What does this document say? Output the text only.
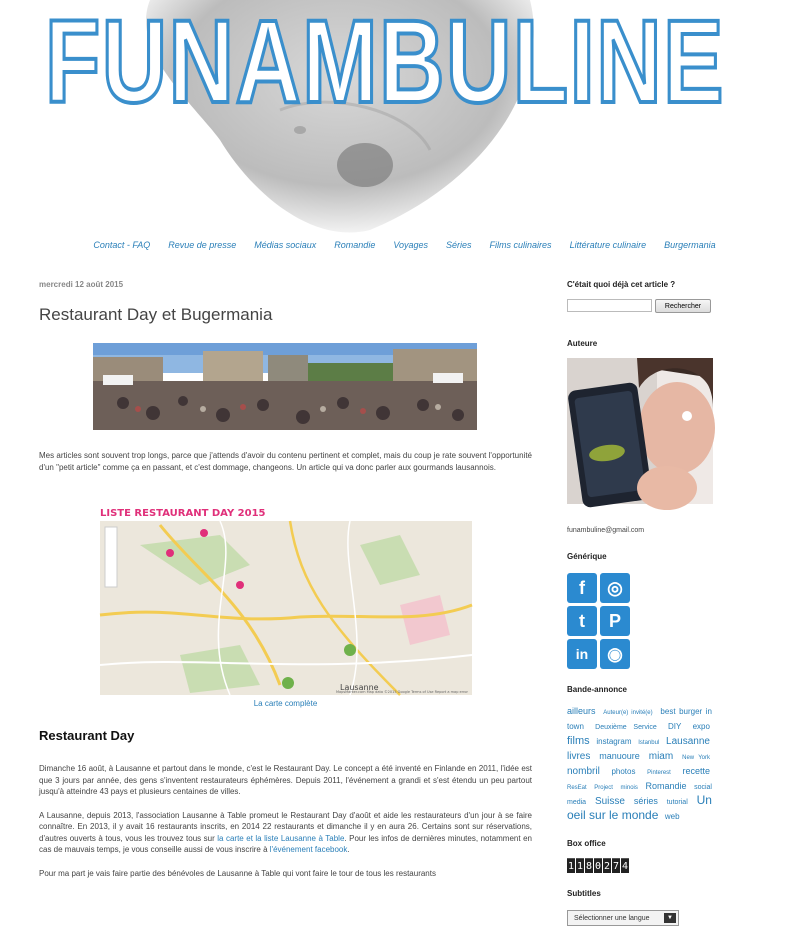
FUNAMBULINE
Contact - FAQ Revue de presse Médias sociaux Romandie Voyages Séries Films culinaires Littérature culinaire Burgermania
mercredi 12 août 2015
Restaurant Day et Bugermania

Mes articles sont souvent trop longs, parce que j'attends d'avoir du contenu pertinent et complet, mais du coup je rate souvent l'opportunité d'un "petit article" comme ça en passant, et c'est dommage, changeons. Un article qui va donc parler aux gourmands lausannois.

LISTE RESTAURANT DAY 2015
Lausanne
MapsMarker.com Map data ©2015 Google Terms of Use Report a map error
La carte complète
Restaurant Day

Dimanche 16 août, à Lausanne et partout dans le monde, c'est le Restaurant Day. Le concept a été inventé en Finlande en 2011, l'idée est que 3 jours par année, des gens s'inventent restaurateurs éphémères. Depuis 2011, l'événement a grandi et s'est étendu un peu partout jusqu'à atteindre 43 pays et plusieurs centaines de villes.

A Lausanne, depuis 2013, l'association Lausanne à Table promeut le Restaurant Day d'août et aide les restaurateurs d'un jour à se faire connaître. En 2013, il y avait 16 restaurants inscrits, en 2014 22 restaurants et dimanche il y en aura 26. Certains sont sur réservations, d'autres ouverts à tous, vous les trouvez tous sur la carte et la liste Lausanne à Table. Pour les infos de dernières minutes, notamment en cas de mauvais temps, je vous conseille aussi de vous inscrire à l'événement facebook.

Pour ma part je vais faire partie des bénévoles de Lausanne à Table qui vont faire le tour de tous les restaurants

C'était quoi déjà cet article ?
Rechercher
Auteure
funambuline@gmail.com
Générique
f	◎
t	P
in	◉
Bande-annonce
ailleurs Auteur(e) invité(e) best burger in town Deuxième Service DIY expo films instagram Istanbul Lausanne livres manuoure miam New York nombril photos Pinterest recette ResEat Project minois Romandie social media Suisse séries tutorial Un oeil sur le monde web
Box office
1 1 8 0 2 7 4
Subtitles
Sélectionner une langue	▼
